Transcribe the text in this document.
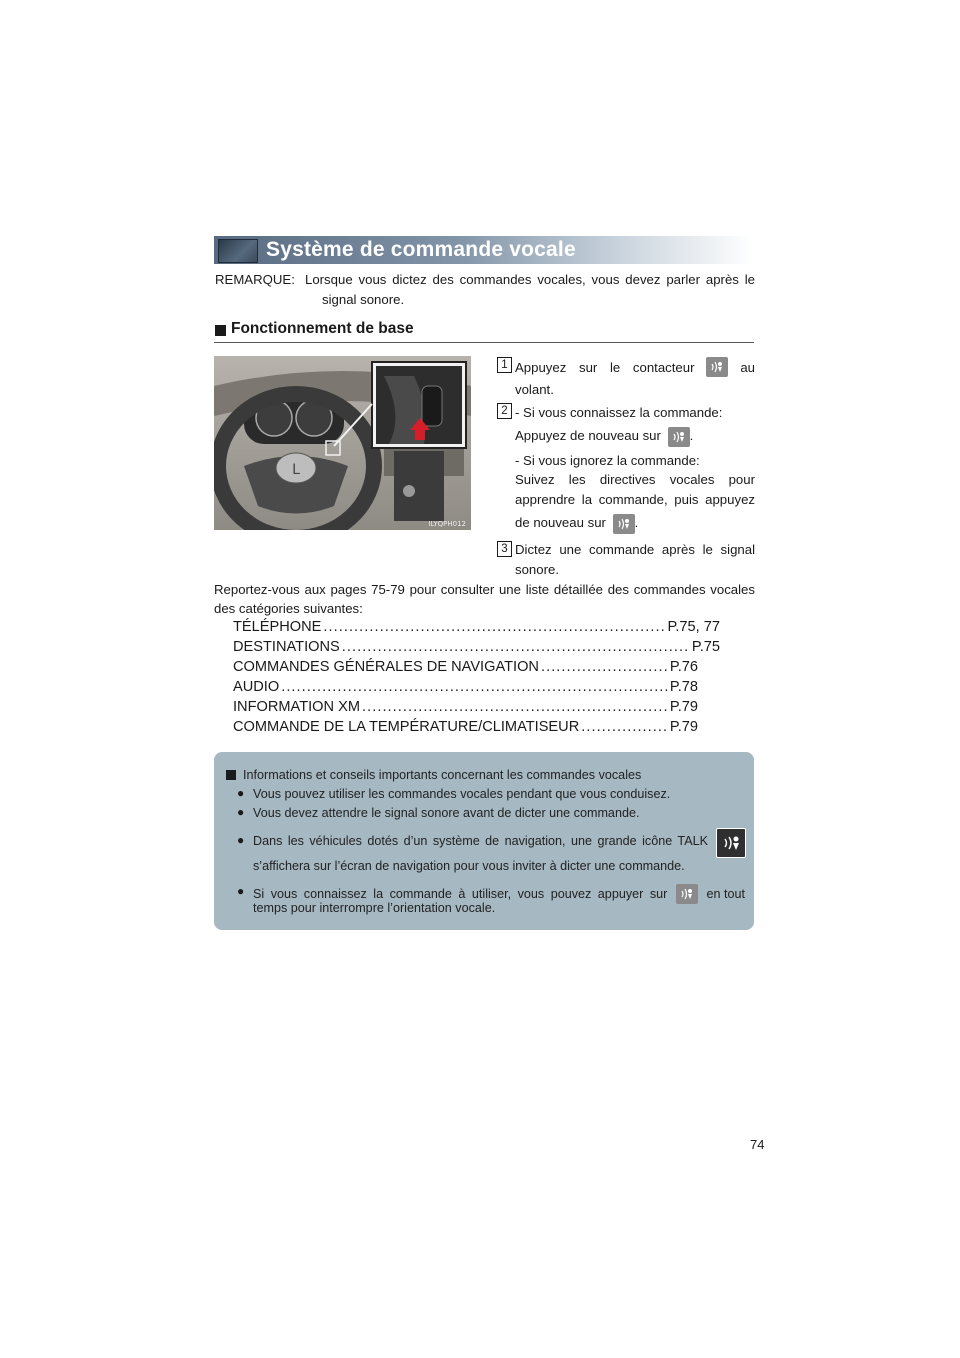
Système de commande vocale
REMARQUE: Lorsque vous dictez des commandes vocales, vous devez parler après le
signal sonore.
Fonctionnement de base
L
ILYQPH012
1 Appuyez sur le contacteur	au
volant.
2 - Si vous connaissez la commande:
Appuyez de nouveau sur .
- Si vous ignorez la commande:
Suivez les directives vocales pour
apprendre la commande, puis appuyez
de nouveau sur .
3 Dictez une commande après le signal
sonore.
Reportez-vous aux pages 75-79 pour consulter une liste détaillée des commandes vocales
des catégories suivantes:
TÉLÉPHONE . . .	P.75, 77
DESTINATIONS . . .	P.75
COMMANDES GÉNÉRALES DE NAVIGATION . . .	P.76
AUDIO . . .	P.78
INFORMATION XM . . .	P.79
COMMANDE DE LA TEMPÉRATURE/CLIMATISEUR . . .	P.79
Informations et conseils importants concernant les commandes vocales
● Vous pouvez utiliser les commandes vocales pendant que vous conduisez.
● Vous devez attendre le signal sonore avant de dicter une commande.
● Dans les véhicules dotés d’un système de navigation, une grande icône TALK
s’affichera sur l’écran de navigation pour vous inviter à dicter une commande.
● Si vous connaissez la commande à utiliser, vous pouvez appuyer sur	en tout
temps pour interrompre l’orientation vocale.
74
